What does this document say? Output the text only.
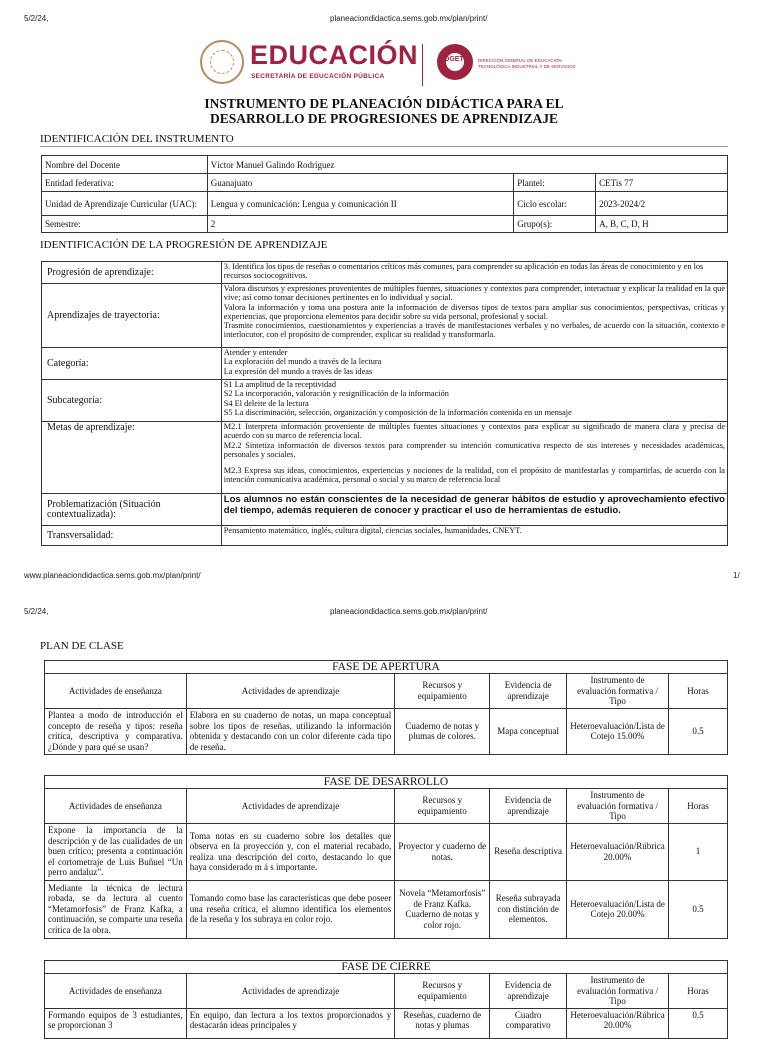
5/2/24,	planeaciondidactica.sems.gob.mx/plan/print/
EDUCACIÓN
SECRETARÍA DE EDUCACIÓN PÚBLICA
DGETI	DIRECCIÓN GENERAL DE EDUCACIÓN TECNOLÓGICA INDUSTRIAL Y DE SERVICIOS
INSTRUMENTO DE PLANEACIÓN DIDÁCTICA PARA EL
DESARROLLO DE PROGRESIONES DE APRENDIZAJE
IDENTIFICACIÓN DEL INSTRUMENTO
Nombre del Docente	Víctor Manuel Galindo Rodríguez		
Entidad federativa:	Guanajuato	Plantel:	CETis 77
Unidad de Aprendizaje Curricular (UAC):	Lengua y comunicación: Lengua y comunicación II	Ciclo escolar:	2023-2024/2
Semestre:	2	Grupo(s):	A, B, C, D, H
IDENTIFICACIÓN DE LA PROGRESIÓN DE APRENDIZAJE
Progresión de aprendizaje:	3. Identifica los tipos de reseñas o comentarios críticos más comunes, para comprender su aplicación en todas las áreas de conocimiento y en los recursos sociocognitivos.
Aprendizajes de trayectoria:	Valora discursos y expresiones provenientes de múltiples fuentes, situaciones y contextos para comprender, interactuar y explicar la realidad en la que vive; así como tomar decisiones pertinentes en lo individual y social.
Valora la información y toma una postura ante la información de diversos tipos de textos para ampliar sus conocimientos, perspectivas, críticas y experiencias, que proporciona elementos para decidir sobre su vida personal, profesional y social.
Trasmite conocimientos, cuestionamientos y experiencias a través de manifestaciones verbales y no verbales, de acuerdo con la situación, contexto e interlocutor, con el propósito de comprender, explicar su realidad y transformarla.

Categoría:	Atender y entender
La exploración del mundo a través de la lectura
La expresión del mundo a través de las ideas

Subcategoría:	S1 La amplitud de la receptividad
S2 La incorporación, valoración y resignificación de la información
S4 El deleite de la lectura
S5 La discriminación, selección, organización y composición de la información contenida en un mensaje

Metas de aprendizaje:	M2.1 Interpreta información proveniente de múltiples fuentes situaciones y contextos para explicar su significado de manera clara y precisa de acuerdo con su marco de referencia local.
M2.2 Sintetiza información de diversos textos para comprender su intención comunicativa respecto de sus intereses y necesidades académicas, personales y sociales.
M2.3 Expresa sus ideas, conocimientos, experiencias y nociones de la realidad, con el propósito de manifestarlas y compartirlas, de acuerdo con la intención comunicativa académica, personal o social y su marco de referencia local

Problematización (Situación contextualizada):	Los alumnos no están conscientes de la necesidad de generar hábitos de estudio y aprovechamiento efectivo del tiempo, además requieren de conocer y practicar el uso de herramientas de estudio.
Transversalidad:	Pensamiento matemático, inglés, cultura digital, ciencias sociales, humanidades, CNEYT.
www.planeaciondidactica.sems.gob.mx/plan/print/	1/
5/2/24,	planeaciondidactica.sems.gob.mx/plan/print/
PLAN DE CLASE
FASE DE APERTURA					
Actividades de enseñanza	Actividades de aprendizaje	Recursos y equipamiento	Evidencia de aprendizaje	Instrumento de evaluación formativa / Tipo	Horas
Plantea a modo de introducción el concepto de reseña y tipos: reseña crítica, descriptiva y comparativa. ¿Dónde y para qué se usan?	Elabora en su cuaderno de notas, un mapa conceptual sobre los tipos de reseñas, utilizando la información obtenida y destacando con un color diferente cada tipo de reseña.	Cuaderno de notas y plumas de colores.	Mapa conceptual	Heteroevaluación/Lista de Cotejo 15.00%	0.5
FASE DE DESARROLLO					
Actividades de enseñanza	Actividades de aprendizaje	Recursos y equipamiento	Evidencia de aprendizaje	Instrumento de evaluación formativa / Tipo	Horas
Expone la importancia de la descripción y de las cualidades de un buen crítico; presenta a continuación el cortometraje de Luis Buñuel “Un perro andaluz”.	Toma notas en su cuaderno sobre los detalles que observa en la proyección y, con el material recabado, realiza una descripción del corto, destacando lo que haya considerado m á s importante.	Proyector y cuaderno de notas.	Reseña descriptiva	Heteroevaluación/Rúbrica 20.00%	1
Mediante la técnica de lectura robada, se da lectura al cuento “Metamorfosis” de Franz Kafka, a continuación, se comparte una reseña crítica de la obra.	Tomando como base las características que debe poseer una reseña crítica, el alumno identifica los elementos de la reseña y los subraya en color rojo.	Novela “Metamorfosis” de Franz Kafka. Cuaderno de notas y color rojo.	Reseña subrayada con distinción de elementos.	Heteroevaluación/Lista de Cotejo 20.00%	0.5
FASE DE CIERRE					
Actividades de enseñanza	Actividades de aprendizaje	Recursos y equipamiento	Evidencia de aprendizaje	Instrumento de evaluación formativa / Tipo	Horas
Formando equipos de 3 estudiantes, se proporcionan 3	En equipo, dan lectura a los textos proporcionados y destacarán ideas principales y	Reseñas, cuaderno de notas y plumas	Cuadro comparativo	Heteroevaluación/Rúbrica 20.00%	0.5
